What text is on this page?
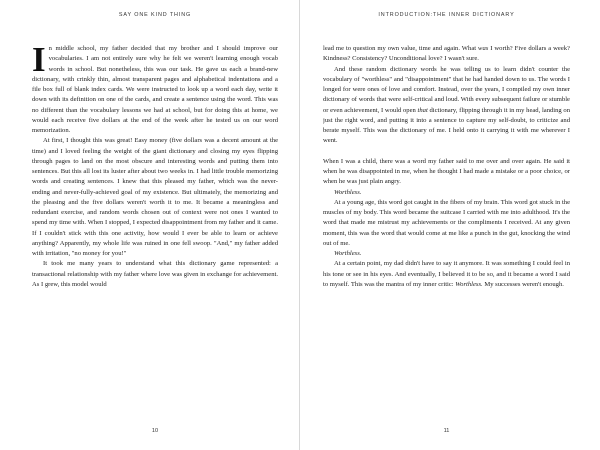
SAY ONE KIND THING

In middle school, my father decided that my brother and I should improve our vocabularies. I am not entirely sure why he felt we weren't learning enough vocab words in school. But nonetheless, this was our task. He gave us each a brand-new dictionary, with crinkly thin, almost transparent pages and alphabetical indentations and a file box full of blank index cards. We were instructed to look up a word each day, write it down with its definition on one of the cards, and create a sentence using the word. This was no different than the vocabulary lessons we had at school, but for doing this at home, we would each receive five dollars at the end of the week after he tested us on our word memorization.

At first, I thought this was great! Easy money (five dollars was a decent amount at the time) and I loved feeling the weight of the giant dictionary and closing my eyes flipping through pages to land on the most obscure and interesting words and putting them into sentences. But this all lost its luster after about two weeks in. I had little trouble memorizing words and creating sentences. I knew that this pleased my father, which was the never-ending and never-fully-achieved goal of my existence. But ultimately, the memorizing and the pleasing and the five dollars weren't worth it to me. It became a meaningless and redundant exercise, and random words chosen out of context were not ones I wanted to spend my time with. When I stopped, I expected disappointment from my father and it came. If I couldn't stick with this one activity, how would I ever be able to learn or achieve anything? Apparently, my whole life was ruined in one fell swoop. "And," my father added with irritation, "no money for you!"

It took me many years to understand what this dictionary game represented: a transactional relationship with my father where love was given in exchange for achievement. As I grew, this model would

10
INTRODUCTION:THE INNER DICTIONARY

lead me to question my own value, time and again. What was I worth? Five dollars a week? Kindness? Consistency? Unconditional love? I wasn't sure.

And these random dictionary words he was telling us to learn didn't counter the vocabulary of "worthless" and "disappointment" that he had handed down to us. The words I longed for were ones of love and comfort. Instead, over the years, I compiled my own inner dictionary of words that were self-critical and loud. With every subsequent failure or stumble or even achievement, I would open that dictionary, flipping through it in my head, landing on just the right word, and putting it into a sentence to capture my self-doubt, to criticize and berate myself. This was the dictionary of me. I held onto it carrying it with me wherever I went.

When I was a child, there was a word my father said to me over and over again. He said it when he was disappointed in me, when he thought I had made a mistake or a poor choice, or when he was just plain angry.

Worthless.

At a young age, this word got caught in the fibers of my brain. This word got stuck in the muscles of my body. This word became the suitcase I carried with me into adulthood. It's the word that made me mistrust my achievements or the compliments I received. At any given moment, this was the word that would come at me like a punch in the gut, knocking the wind out of me.

Worthless.

At a certain point, my dad didn't have to say it anymore. It was something I could feel in his tone or see in his eyes. And eventually, I believed it to be so, and it became a word I said to myself. This was the mantra of my inner critic: Worthless. My successes weren't enough.

11
